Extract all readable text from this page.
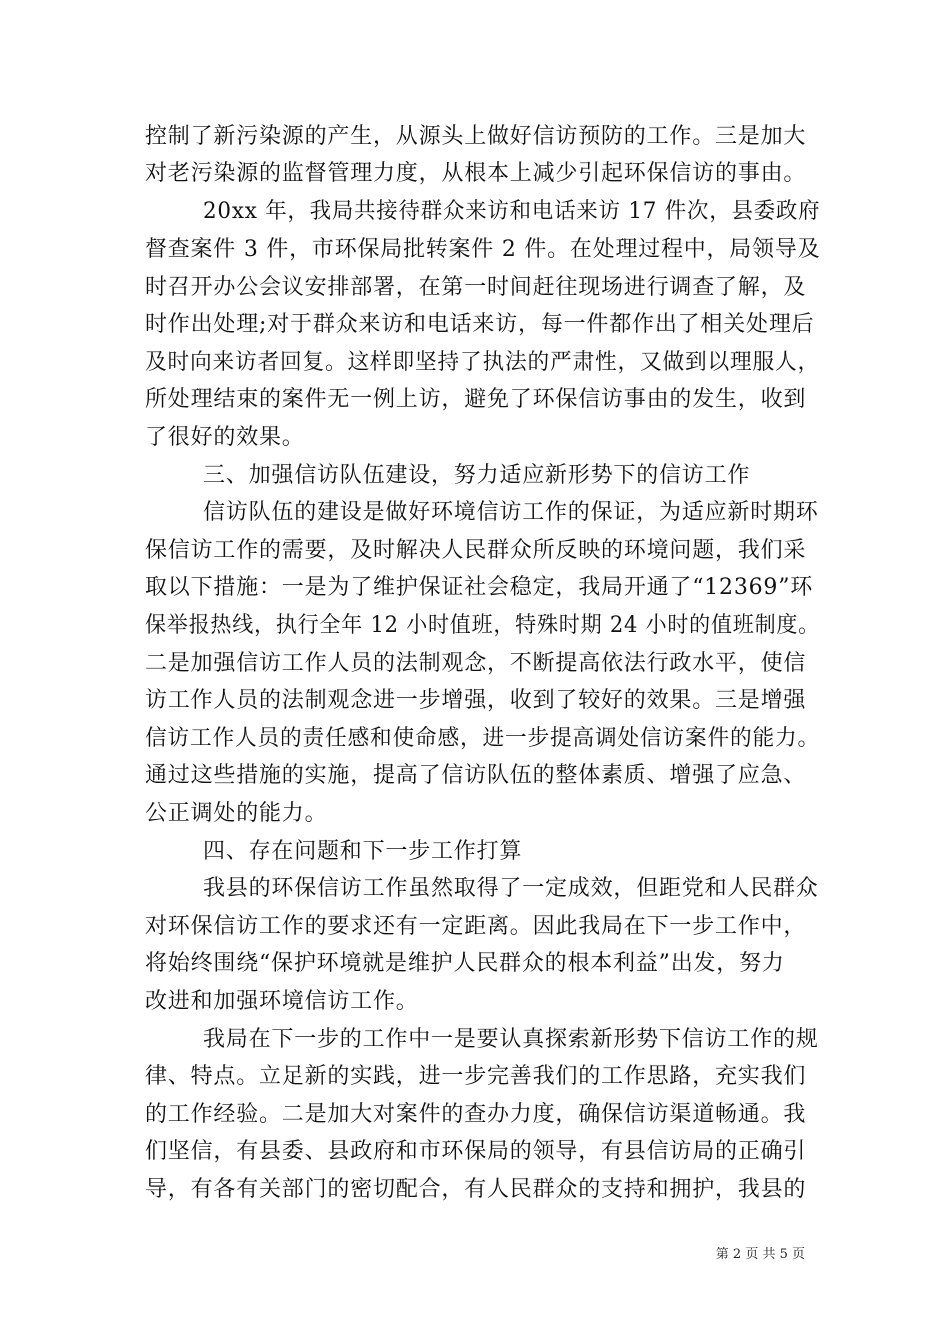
控制了新污染源的产生，从源头上做好信访预防的工作。三是加大
对老污染源的监督管理力度，从根本上减少引起环保信访的事由。
20xx 年，我局共接待群众来访和电话来访 17 件次，县委政府
督查案件 3 件，市环保局批转案件 2 件。在处理过程中，局领导及
时召开办公会议安排部署，在第一时间赶往现场进行调查了解，及
时作出处理;对于群众来访和电话来访，每一件都作出了相关处理后
及时向来访者回复。这样即坚持了执法的严肃性，又做到以理服人，
所处理结束的案件无一例上访，避免了环保信访事由的发生，收到
了很好的效果。
三、加强信访队伍建设，努力适应新形势下的信访工作
信访队伍的建设是做好环境信访工作的保证，为适应新时期环
保信访工作的需要，及时解决人民群众所反映的环境问题，我们采
取以下措施：一是为了维护保证社会稳定，我局开通了“12369”环
保举报热线，执行全年 12 小时值班，特殊时期 24 小时的值班制度。
二是加强信访工作人员的法制观念，不断提高依法行政水平，使信
访工作人员的法制观念进一步增强，收到了较好的效果。三是增强
信访工作人员的责任感和使命感，进一步提高调处信访案件的能力。
通过这些措施的实施，提高了信访队伍的整体素质、增强了应急、
公正调处的能力。
四、存在问题和下一步工作打算
我县的环保信访工作虽然取得了一定成效，但距党和人民群众
对环保信访工作的要求还有一定距离。因此我局在下一步工作中，
将始终围绕“保护环境就是维护人民群众的根本利益”出发，努力
改进和加强环境信访工作。
我局在下一步的工作中一是要认真探索新形势下信访工作的规
律、特点。立足新的实践，进一步完善我们的工作思路，充实我们
的工作经验。二是加大对案件的查办力度，确保信访渠道畅通。我
们坚信，有县委、县政府和市环保局的领导，有县信访局的正确引
导，有各有关部门的密切配合，有人民群众的支持和拥护，我县的
第 2 页 共 5 页
